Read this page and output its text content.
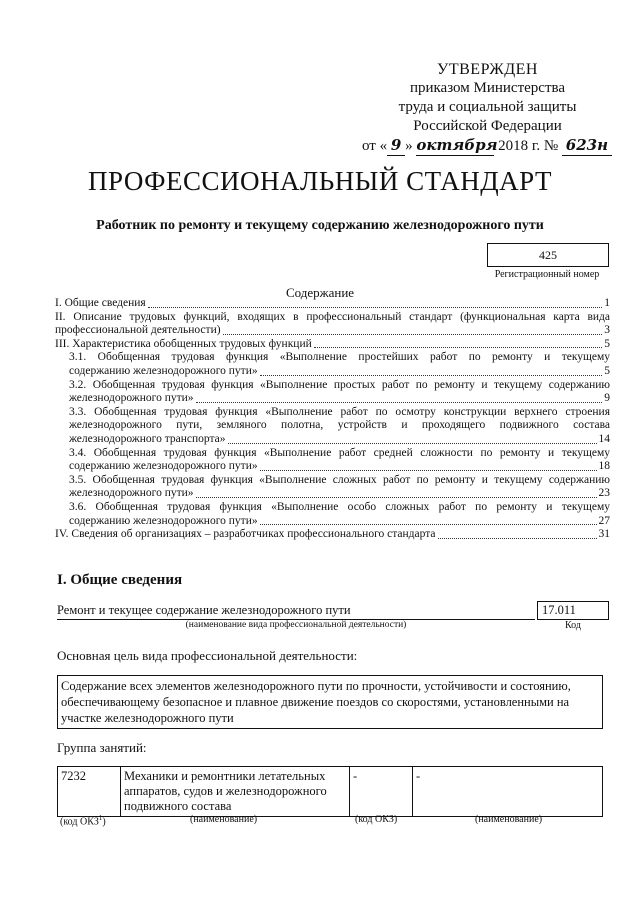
УТВЕРЖДЕН
приказом Министерства
труда и социальной защиты
Российской Федерации
от « 9 » октября 2018 г. № 623н
ПРОФЕССИОНАЛЬНЫЙ СТАНДАРТ
Работник по ремонту и текущему содержанию железнодорожного пути
425
Регистрационный номер
Содержание
I. Общие сведения	1
II. Описание трудовых функций, входящих в профессиональный стандарт (функциональная карта вида
профессиональной деятельности)	3
III. Характеристика обобщенных трудовых функций	5
3.1. Обобщенная трудовая функция «Выполнение простейших работ по ремонту и текущему
содержанию железнодорожного пути»	5
3.2. Обобщенная трудовая функция «Выполнение простых работ по ремонту и текущему содержанию
железнодорожного пути»	9
3.3. Обобщенная трудовая функция «Выполнение работ по осмотру конструкции верхнего строения
железнодорожного пути, земляного полотна, устройств и проходящего подвижного состава
железнодорожного транспорта»	14
3.4. Обобщенная трудовая функция «Выполнение работ средней сложности по ремонту и текущему
содержанию железнодорожного пути»	18
3.5. Обобщенная трудовая функция «Выполнение сложных работ по ремонту и текущему содержанию
железнодорожного пути»	23
3.6. Обобщенная трудовая функция «Выполнение особо сложных работ по ремонту и текущему
содержанию железнодорожного пути»	27
IV. Сведения об организациях – разработчиках профессионального стандарта	31
I. Общие сведения
Ремонт и текущее содержание железнодорожного пути	17.011
(наименование вида профессиональной деятельности)	Код
Основная цель вида профессиональной деятельности:
Содержание всех элементов железнодорожного пути по прочности, устойчивости и состоянию, обеспечивающему безопасное и плавное движение поездов со скоростями, установленными на участке железнодорожного пути
Группа занятий:
7232	Механики и ремонтники летательных аппаратов, судов и железнодорожного подвижного состава	-	-
(код ОКЗ$^1$)	(наименование)	(код ОКЗ)	(наименование)
